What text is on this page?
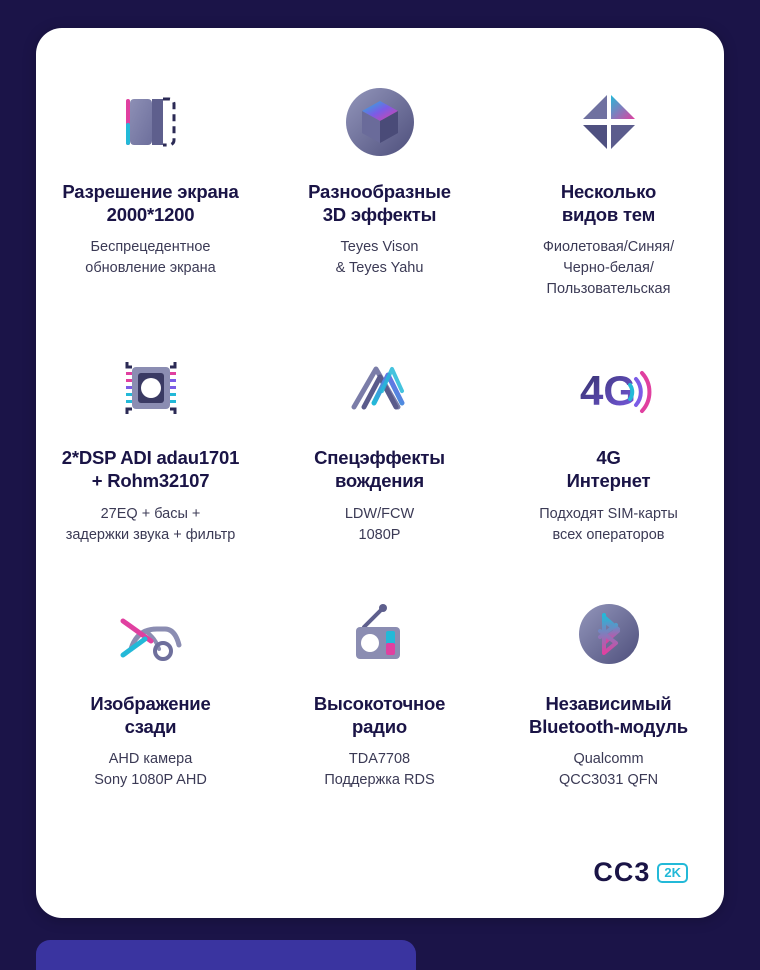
Разрешение экрана
2000*1200
Беспрецедентное
обновление экрана
Разнообразные
3D эффекты
Teyes Vison
& Teyes Yahu
Несколько
видов тем
Фиолетовая/Синяя/
Черно-белая/
Пользовательская
2*DSP ADI adau1701
+ Rohm32107
27EQ + басы +
задержки звука + фильтр
Спецэффекты
вождения
LDW/FCW
1080P
4G
4G
Интернет
Подходят SIM-карты
всех операторов
Изображение
сзади
AHD камера
Sony 1080P AHD
Высокоточное
радио
TDA7708
Поддержка RDS
Независимый
Bluetooth-модуль
Qualcomm
QCC3031 QFN
CC3	2K
